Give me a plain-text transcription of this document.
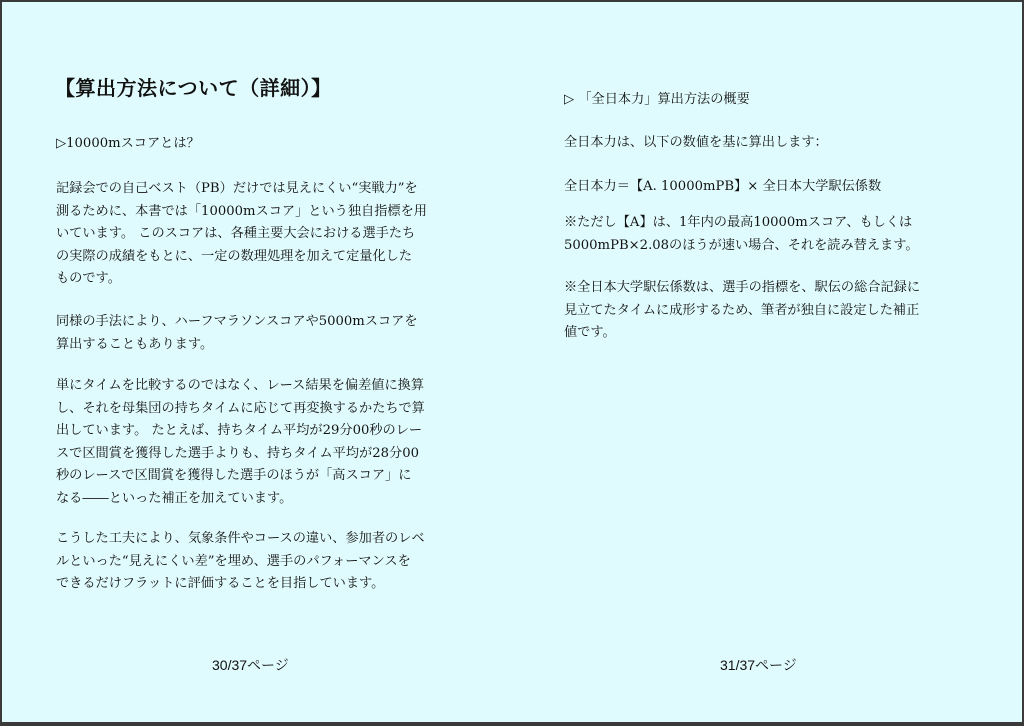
【算出方法について（詳細）】

▷10000mスコアとは？

記録会での自己ベスト（PB）だけでは見えにくい“実戦力”を
測るために、本書では「10000mスコア」という独自指標を用
いています。 このスコアは、各種主要大会における選手たち
の実際の成績をもとに、一定の数理処理を加えて定量化した
ものです。

同様の手法により、ハーフマラソンスコアや5000mスコアを
算出することもあります。

単にタイムを比較するのではなく、レース結果を偏差値に換算
し、それを母集団の持ちタイムに応じて再変換するかたちで算
出しています。 たとえば、持ちタイム平均が29分00秒のレー
スで区間賞を獲得した選手よりも、持ちタイム平均が28分00
秒のレースで区間賞を獲得した選手のほうが「高スコア」に
なる――といった補正を加えています。

こうした工夫により、気象条件やコースの違い、参加者のレベ
ルといった“見えにくい差”を埋め、選手のパフォーマンスを
できるだけフラットに評価することを目指しています。

30/37ページ

▷ 「全日本力」算出方法の概要

全日本力は、以下の数値を基に算出します：

全日本力＝【A. 10000mPB】× 全日本大学駅伝係数

※ただし【A】は、1年内の最高10000mスコア、もしくは
5000mPB×2.08のほうが速い場合、それを読み替えます。

※全日本大学駅伝係数は、選手の指標を、駅伝の総合記録に
見立てたタイムに成形するため、筆者が独自に設定した補正
値です。

31/37ページ
